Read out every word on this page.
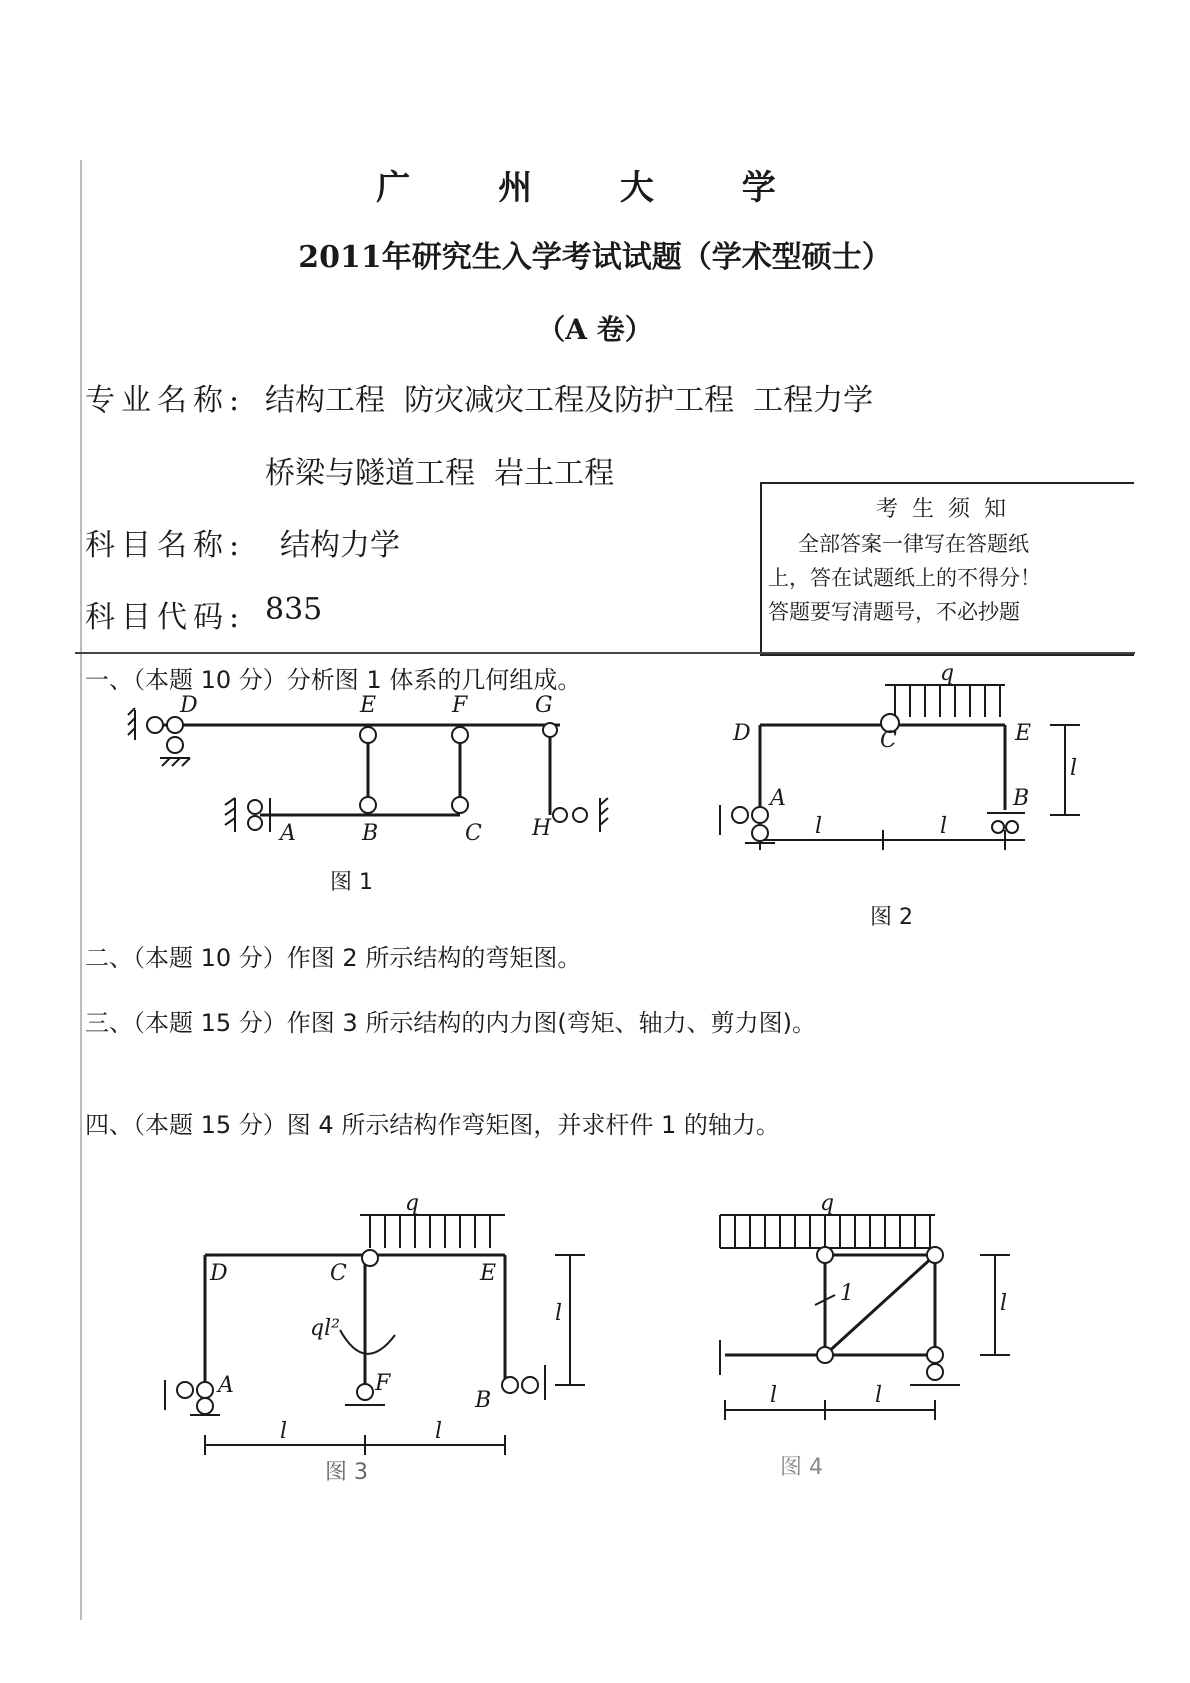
广 州 大 学
2011年研究生入学考试试题（学术型硕士）
（A 卷）
专业名称: 结构工程  防灾减灾工程及防护工程  工程力学
桥梁与隧道工程  岩土工程
科目名称: 结构力学
科目代码: 835
考生须知
全部答案一律写在答题纸
上，答在试题纸上的不得分！
答题要写清题号，不必抄题
一、（本题 10 分）分析图 1 体系的几何组成。
二、（本题 10 分）作图 2 所示结构的弯矩图。
三、（本题 15 分）作图 3 所示结构的内力图(弯矩、轴力、剪力图)。
四、（本题 15 分）图 4 所示结构作弯矩图，并求杆件 1 的轴力。
D	E	F	G
A	B	C H
图 1
q
D	C	E
A	B
l	l
l
图 2
q
D	C	E
ql²
F
A
B
l	l
l
图 3
q
1
l	l
l
图 4
